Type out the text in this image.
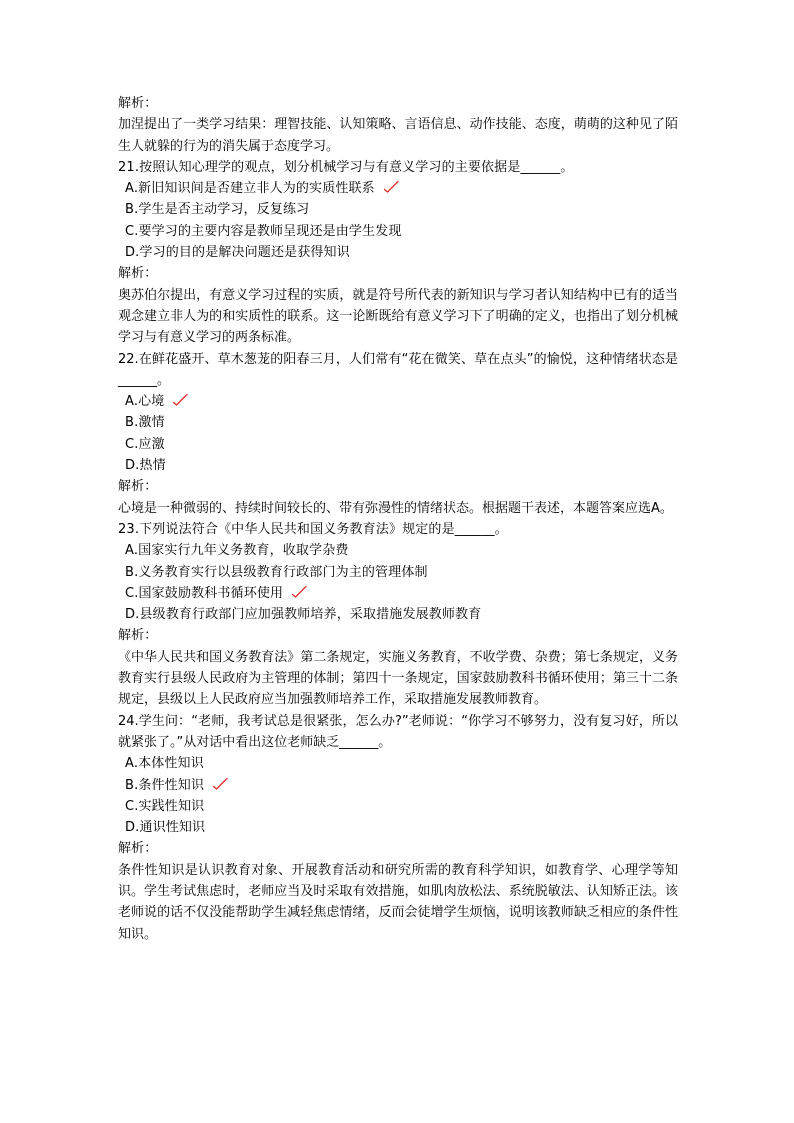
解析：
加涅提出了一类学习结果：理智技能、认知策略、言语信息、动作技能、态度，萌萌的这种见了陌生人就躲的行为的消失属于态度学习。
21.按照认知心理学的观点，划分机械学习与有意义学习的主要依据是______。
A.新旧知识间是否建立非人为的实质性联系
B.学生是否主动学习，反复练习
C.要学习的主要内容是教师呈现还是由学生发现
D.学习的目的是解决问题还是获得知识
解析：
奥苏伯尔提出，有意义学习过程的实质，就是符号所代表的新知识与学习者认知结构中已有的适当观念建立非人为的和实质性的联系。这一论断既给有意义学习下了明确的定义，也指出了划分机械学习与有意义学习的两条标准。
22.在鲜花盛开、草木葱茏的阳春三月，人们常有“花在微笑、草在点头”的愉悦，这种情绪状态是______。
A.心境
B.激情
C.应激
D.热情
解析：
心境是一种微弱的、持续时间较长的、带有弥漫性的情绪状态。根据题干表述，本题答案应选A。
23.下列说法符合《中华人民共和国义务教育法》规定的是______。
A.国家实行九年义务教育，收取学杂费
B.义务教育实行以县级教育行政部门为主的管理体制
C.国家鼓励教科书循环使用
D.县级教育行政部门应加强教师培养，采取措施发展教师教育
解析：
《中华人民共和国义务教育法》第二条规定，实施义务教育，不收学费、杂费；第七条规定，义务教育实行县级人民政府为主管理的体制；第四十一条规定，国家鼓励教科书循环使用；第三十二条规定，县级以上人民政府应当加强教师培养工作，采取措施发展教师教育。
24.学生问：“老师，我考试总是很紧张，怎么办?”老师说：“你学习不够努力，没有复习好，所以就紧张了。”从对话中看出这位老师缺乏______。
A.本体性知识
B.条件性知识
C.实践性知识
D.通识性知识
解析：
条件性知识是认识教育对象、开展教育活动和研究所需的教育科学知识，如教育学、心理学等知识。学生考试焦虑时，老师应当及时采取有效措施，如肌肉放松法、系统脱敏法、认知矫正法。该老师说的话不仅没能帮助学生减轻焦虑情绪，反而会徒增学生烦恼，说明该教师缺乏相应的条件性知识。
